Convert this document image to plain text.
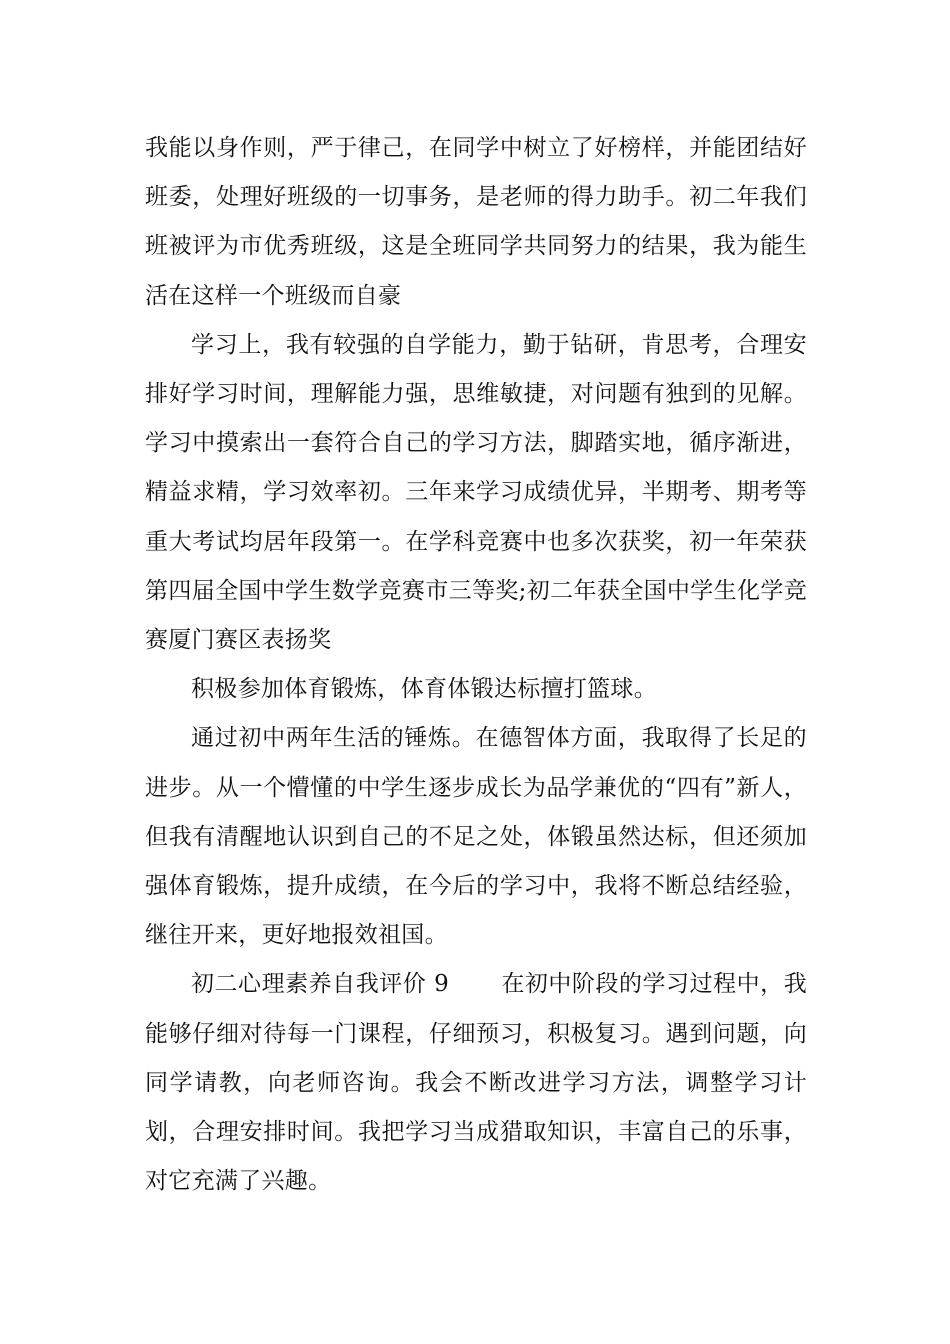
我能以身作则，严于律己，在同学中树立了好榜样，并能团结好班委，处理好班级的一切事务，是老师的得力助手。初二年我们班被评为市优秀班级，这是全班同学共同努力的结果，我为能生活在这样一个班级而自豪

学习上，我有较强的自学能力，勤于钻研，肯思考，合理安排好学习时间，理解能力强，思维敏捷，对问题有独到的见解。学习中摸索出一套符合自己的学习方法，脚踏实地，循序渐进，精益求精，学习效率初。三年来学习成绩优异，半期考、期考等重大考试均居年段第一。在学科竞赛中也多次获奖，初一年荣获第四届全国中学生数学竞赛市三等奖;初二年获全国中学生化学竞赛厦门赛区表扬奖

积极参加体育锻炼，体育体锻达标擅打篮球。

通过初中两年生活的锤炼。在德智体方面，我取得了长足的进步。从一个懵懂的中学生逐步成长为品学兼优的“四有”新人，但我有清醒地认识到自己的不足之处，体锻虽然达标，但还须加强体育锻炼，提升成绩，在今后的学习中，我将不断总结经验，继往开来，更好地报效祖国。

初二心理素养自我评价 9 在初中阶段的学习过程中，我能够仔细对待每一门课程，仔细预习，积极复习。遇到问题，向同学请教，向老师咨询。我会不断改进学习方法，调整学习计划，合理安排时间。我把学习当成猎取知识，丰富自己的乐事，对它充满了兴趣。
